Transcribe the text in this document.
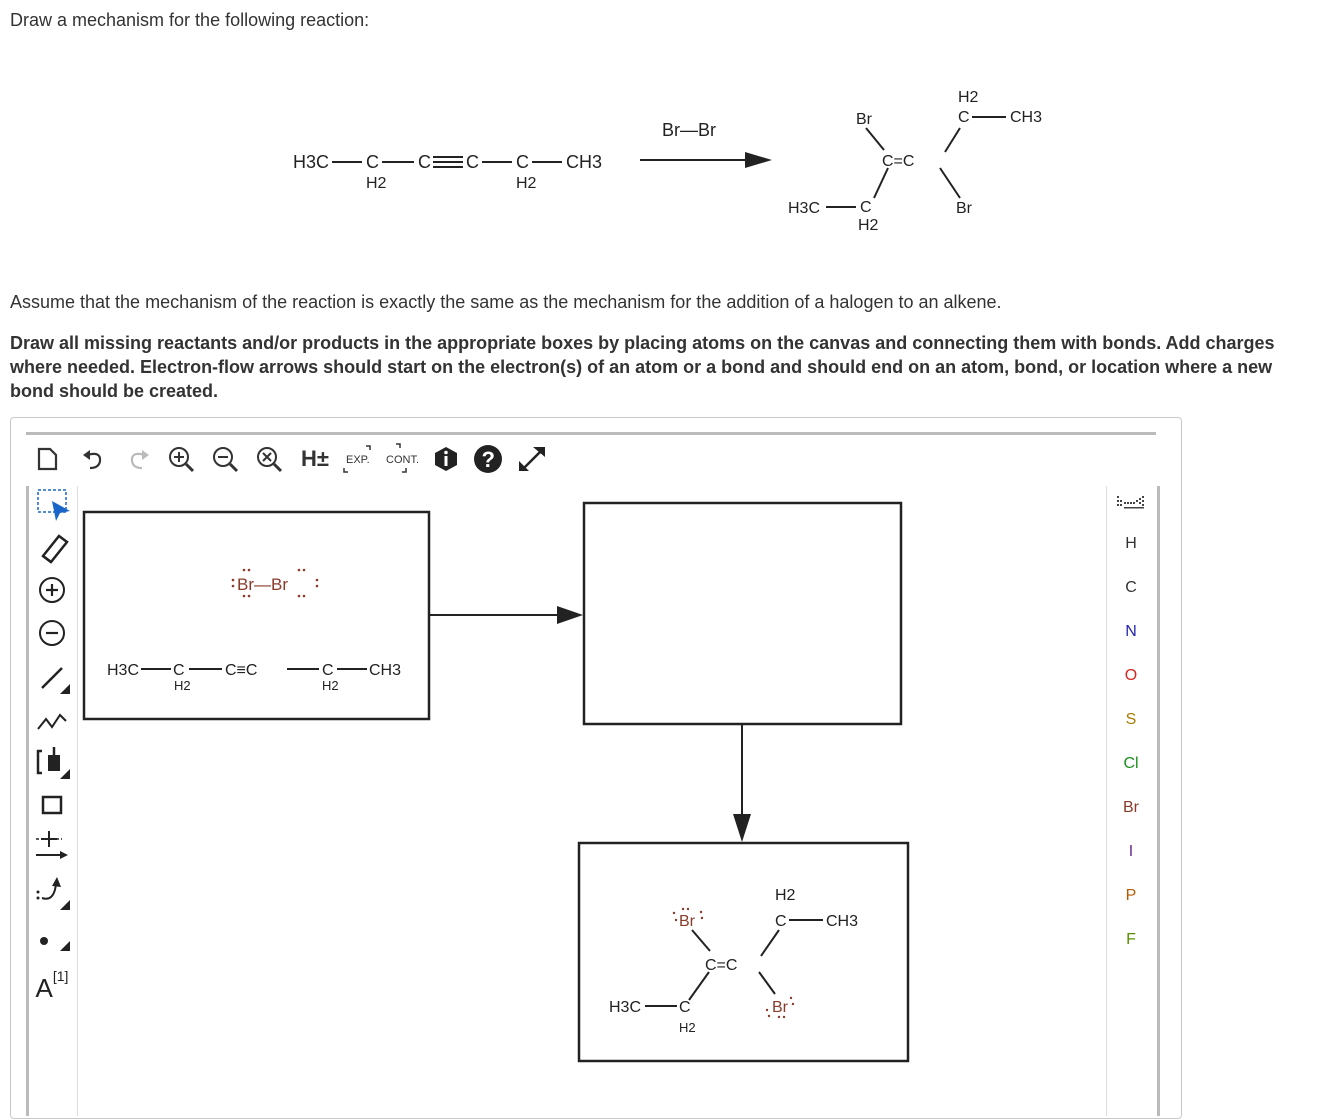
Draw a mechanism for the following reaction:
H3C C
H2
C C C
H2
CH3
Br—Br
Br
H2
C	CH3
C=C
Br
H3C C
H2
Assume that the mechanism of the reaction is exactly the same as the mechanism for the addition of a halogen to an alkene.
Draw all missing reactants and/or products in the appropriate boxes by placing atoms on the canvas and connecting them with bonds. Add charges where needed. Electron-flow arrows should start on the electron(s) of an atom or a bond and should end on an atom, bond, or location where a new bond should be created.
H± EXP. CONT.	?
A [1]
H
C
N
O
S
Cl
Br
I
P
F
Br—Br
H3C C
H2
C≡C	C
H2
CH3
Br
H2
C CH3
C=C
Br
H3C C
H2
